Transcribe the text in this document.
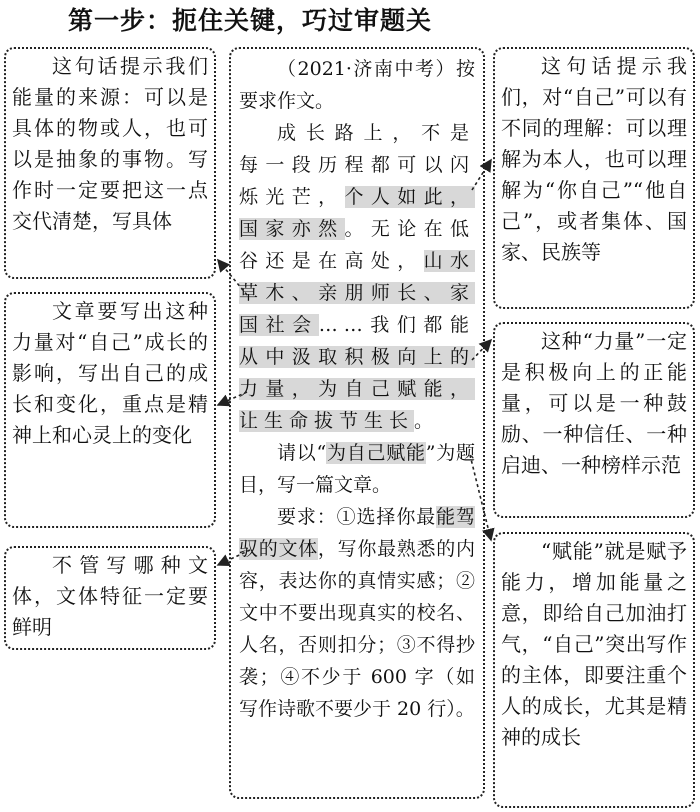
第一步：扼住关键，巧过审题关

这句话提示我们能量的来源：可以是具体的物或人，也可以是抽象的事物。写作时一定要把这一点交代清楚，写具体

文章要写出这种力量对“自己”成长的影响，写出自己的成长和变化，重点是精神上和心灵上的变化

不管写哪种文体，文体特征一定要鲜明

（2021·济南中考）按要求作文。

成长路上，不是每一段历程都可以闪烁光芒，个人如此，国家亦然。无论在低谷还是在高处，山水草木、亲朋师长、家国社会……我们都能从中汲取积极向上的力量，为自己赋能，让生命拔节生长。

请以“为自己赋能”为题目，写一篇文章。

要求：①选择你最能驾驭的文体，写你最熟悉的内容，表达你的真情实感；②文中不要出现真实的校名、人名，否则扣分；③不得抄袭；④不少于 600 字（如写作诗歌不要少于 20 行）。

这句话提示我们，对“自己”可以有不同的理解：可以理解为本人，也可以理解为“你自己”“他自己”，或者集体、国家、民族等

这种“力量”一定是积极向上的正能量，可以是一种鼓励、一种信任、一种启迪、一种榜样示范

“赋能”就是赋予能力，增加能量之意，即给自己加油打气，“自己”突出写作的主体，即要注重个人的成长，尤其是精神的成长
